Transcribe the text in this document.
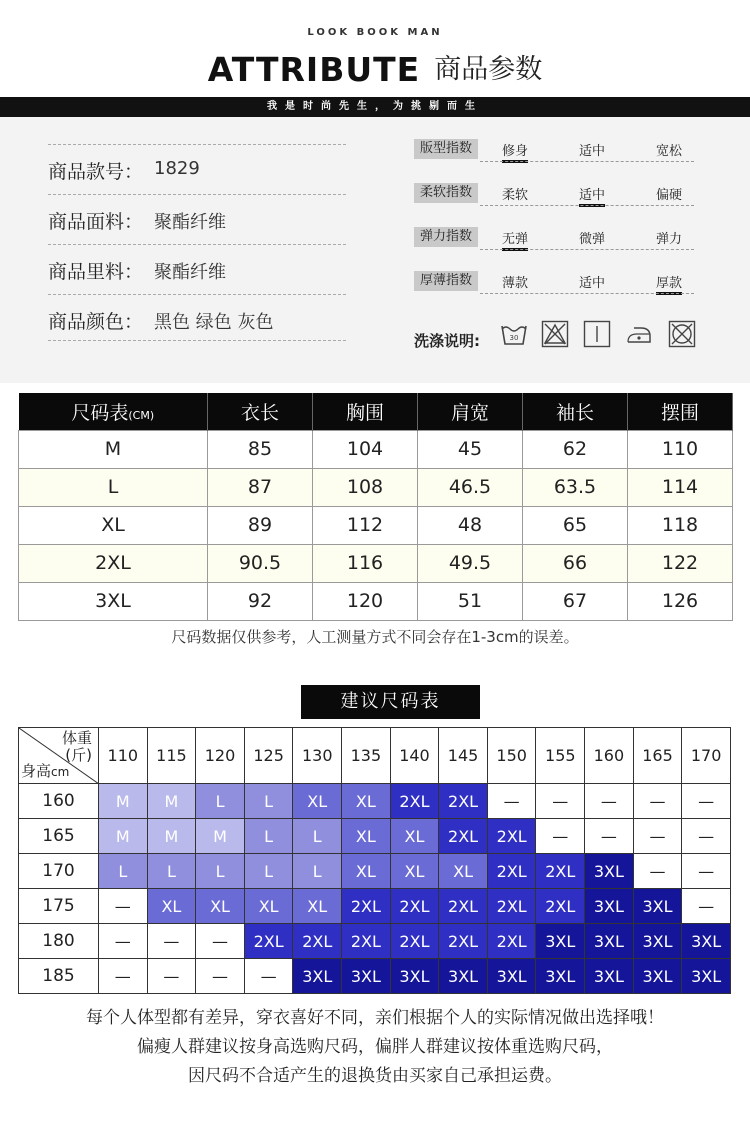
LOOK BOOK MAN
ATTRIBUTE 商品参数
我是时尚先生，为挑剔而生
商品款号： 1829
商品面料： 聚酯纤维
商品里料： 聚酯纤维
商品颜色： 黑色 绿色 灰色
版型指数	修身	适中	宽松
柔软指数	柔软	适中	偏硬
弹力指数	无弹	微弹	弹力
厚薄指数	薄款	适中	厚款
洗涤说明:	30
尺码表(CM)	衣长	胸围	肩宽	袖长	摆围
M	85	104	45	62	110
L	87	108	46.5	63.5	114
XL	89	112	48	65	118
2XL	90.5	116	49.5	66	122
3XL	92	120	51	67	126
尺码数据仅供参考，人工测量方式不同会存在1-3cm的误差。
建议尺码表
体重
(斤)
身高cm	110	115	120	125	130	135	140	145	150	155	160	165	170
160	M	M	L	L	XL	XL	2XL	2XL	—	—	—	—	—
165	M	M	M	L	L	XL	XL	2XL	2XL	—	—	—	—
170	L	L	L	L	L	XL	XL	XL	2XL	2XL	3XL	—	—
175	—	XL	XL	XL	XL	2XL	2XL	2XL	2XL	2XL	3XL	3XL	—
180	—	—	—	2XL	2XL	2XL	2XL	2XL	2XL	3XL	3XL	3XL	3XL
185	—	—	—	—	3XL	3XL	3XL	3XL	3XL	3XL	3XL	3XL	3XL
每个人体型都有差异，穿衣喜好不同，亲们根据个人的实际情况做出选择哦！
偏瘦人群建议按身高选购尺码，偏胖人群建议按体重选购尺码，
因尺码不合适产生的退换货由买家自己承担运费。
